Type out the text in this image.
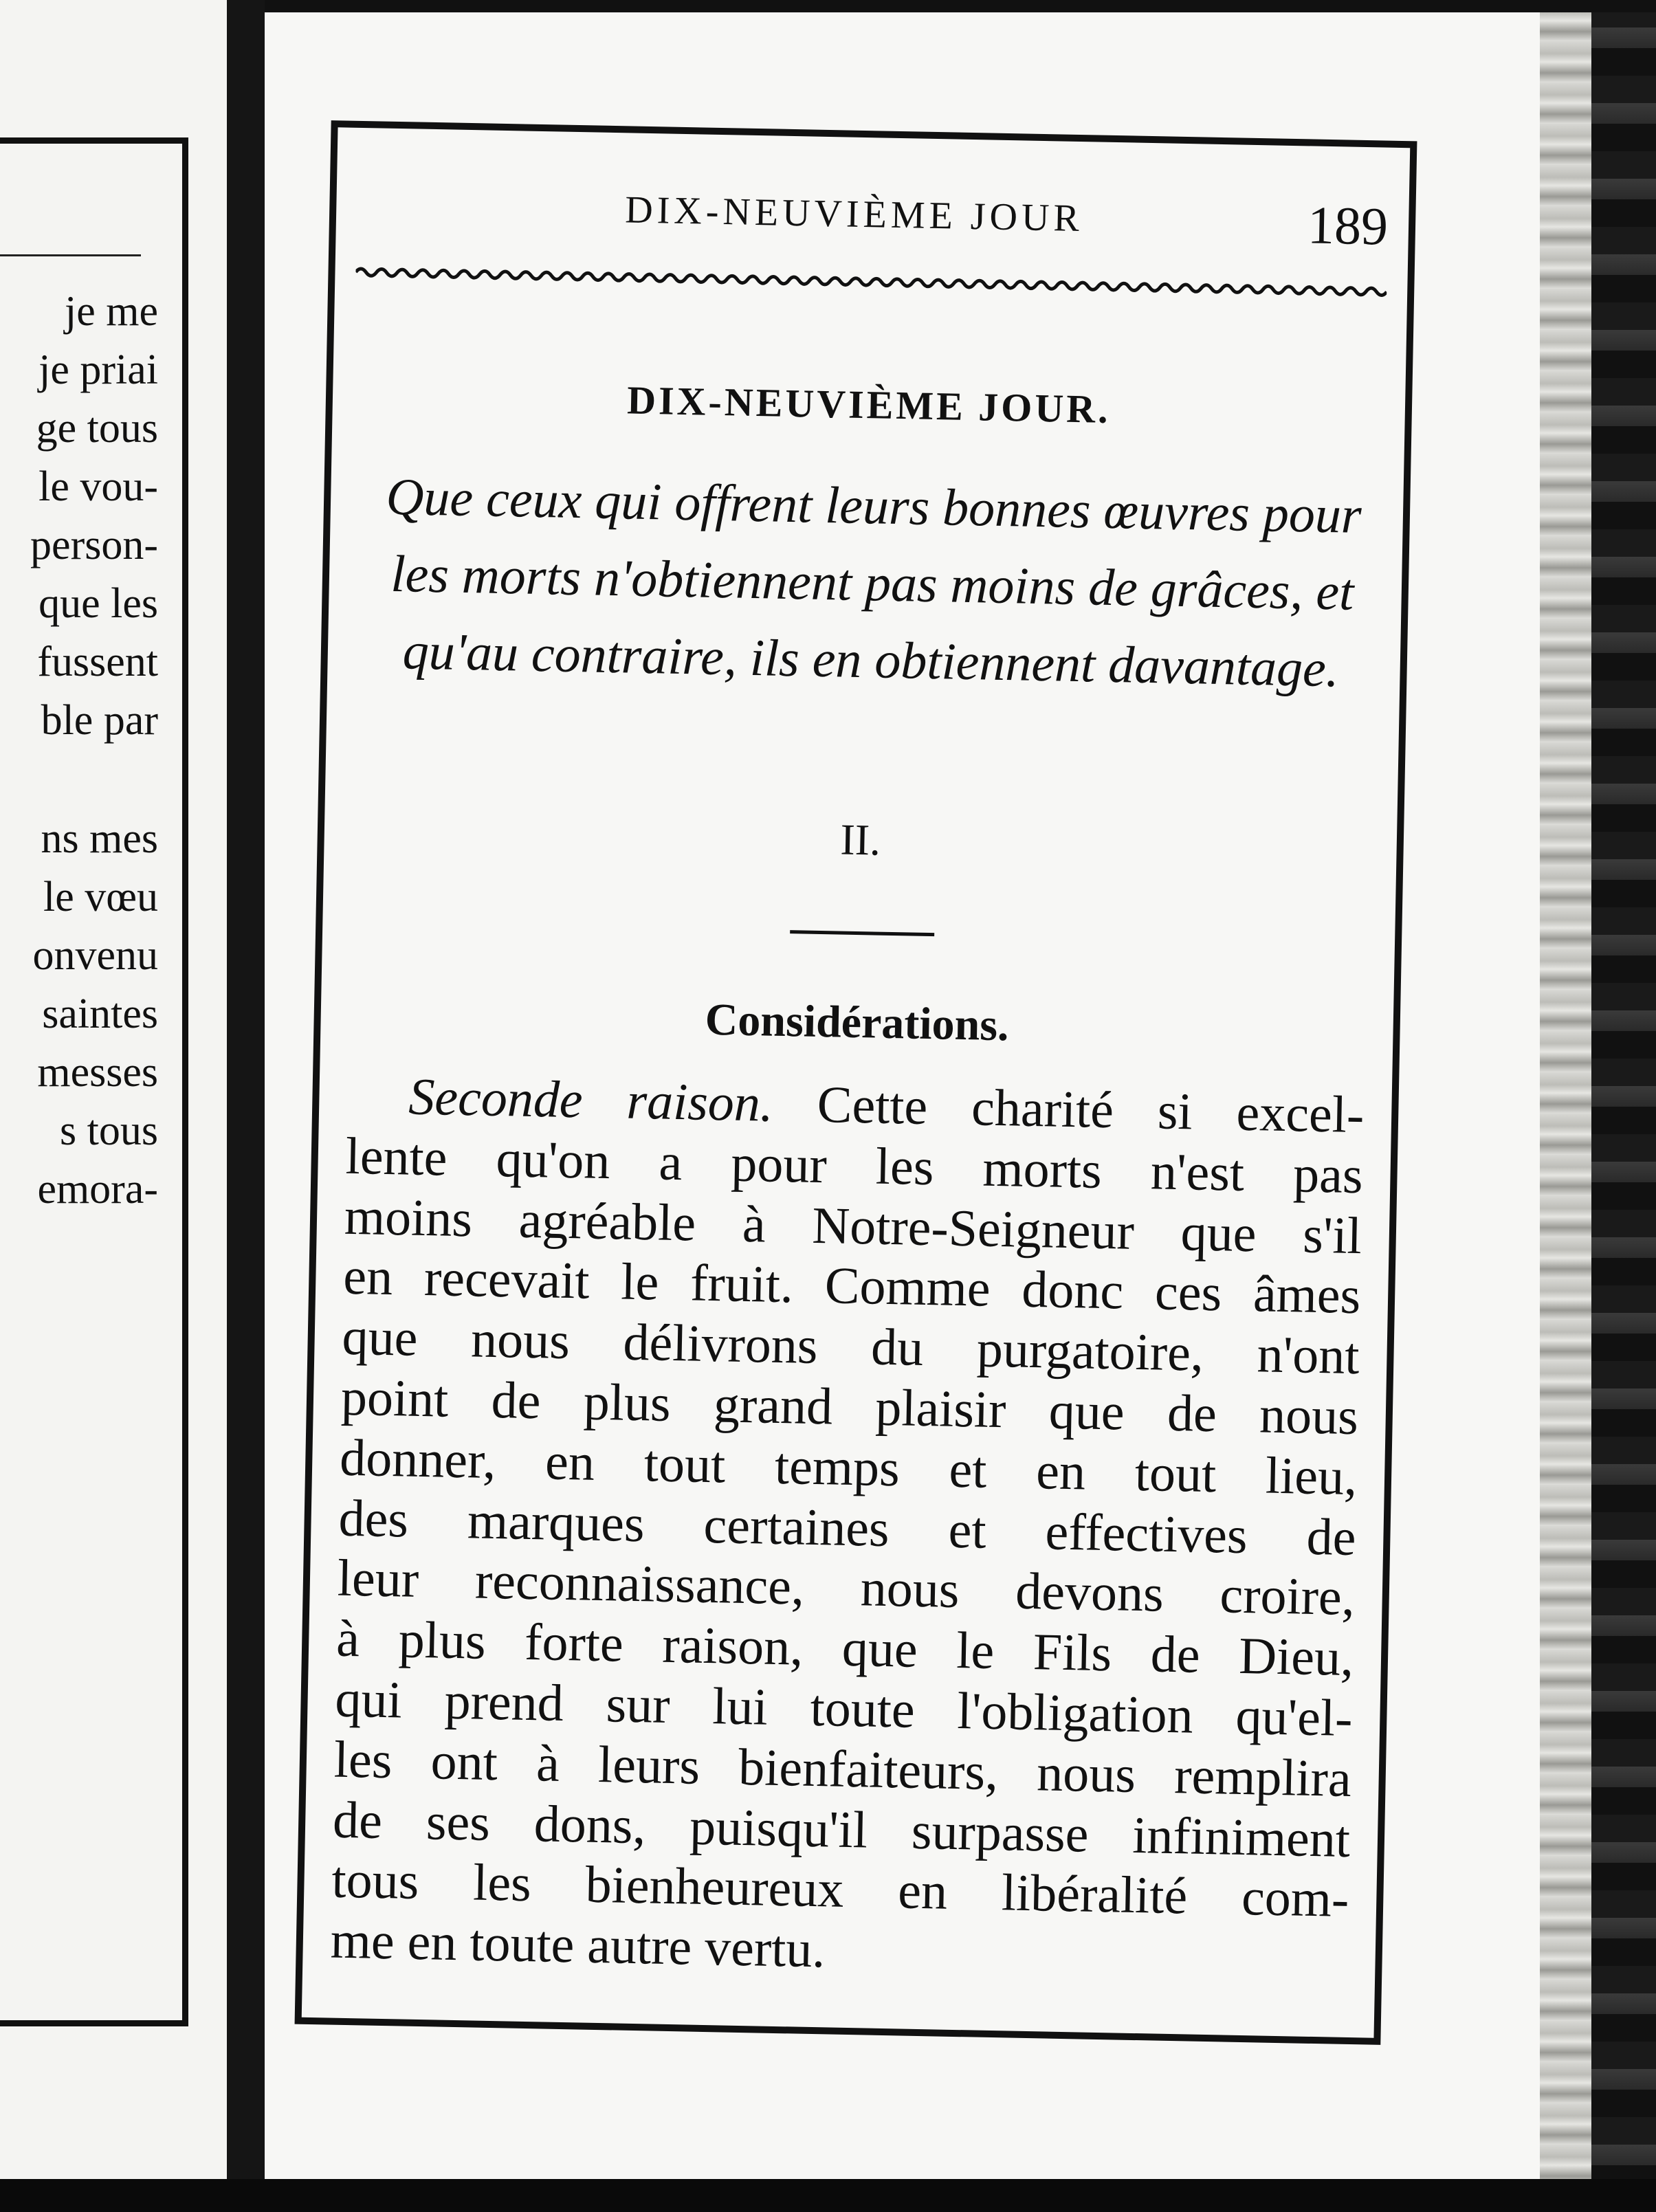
je me
je priai
ge tous
le vou-
person-
que les
fussent
ble par
ns mes
le vœu
onvenu
saintes
messes
s tous
emora-
DIX-NEUVIÈME JOUR	189
DIX-NEUVIÈME JOUR.
Que ceux qui offrent leurs bonnes œuvres pour les morts n'obtiennent pas moins de grâces, et qu'au contraire, ils en obtiennent davantage.
II.
Considérations.
Seconde raison. Cette charité si excel-
lente qu'on a pour les morts n'est pas
moins agréable à Notre-Seigneur que s'il
en recevait le fruit. Comme donc ces âmes
que nous délivrons du purgatoire, n'ont
point de plus grand plaisir que de nous
donner, en tout temps et en tout lieu,
des marques certaines et effectives de
leur reconnaissance, nous devons croire,
à plus forte raison, que le Fils de Dieu,
qui prend sur lui toute l'obligation qu'el-
les ont à leurs bienfaiteurs, nous remplira
de ses dons, puisqu'il surpasse infiniment
tous les bienheureux en libéralité com-
me en toute autre vertu.
